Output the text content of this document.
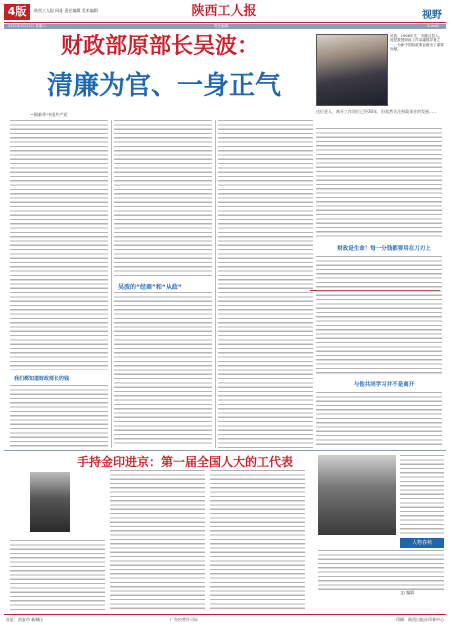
4版	陕西工人报 网址 责任编辑 美术编辑	陕西工人报	视野
2012年3月17日 星期六	责任编辑：	E-mail：
财政部原部长吴波：
清廉为官、一身正气
—据新华·中国共产党
吴波，1906年生，安徽泾县人。他是我国财政工作卓越领导者之一，为新中国财政事业做出了重要贡献。
吴波的“经商”和“从政”
我们都知道财政部长的钱
这位老人，离开工作岗位已经30年，但依然关注财政事业的发展……
财政是生命！每一分钱都要用在刀刃上
与他共同学习并不是离开
手持金印进京：第一届全国人大的工代表
人物春秋
文/ 编辑
社址：西安市 新城区	广告经营许可证	印刷：陕西日报社印务中心
